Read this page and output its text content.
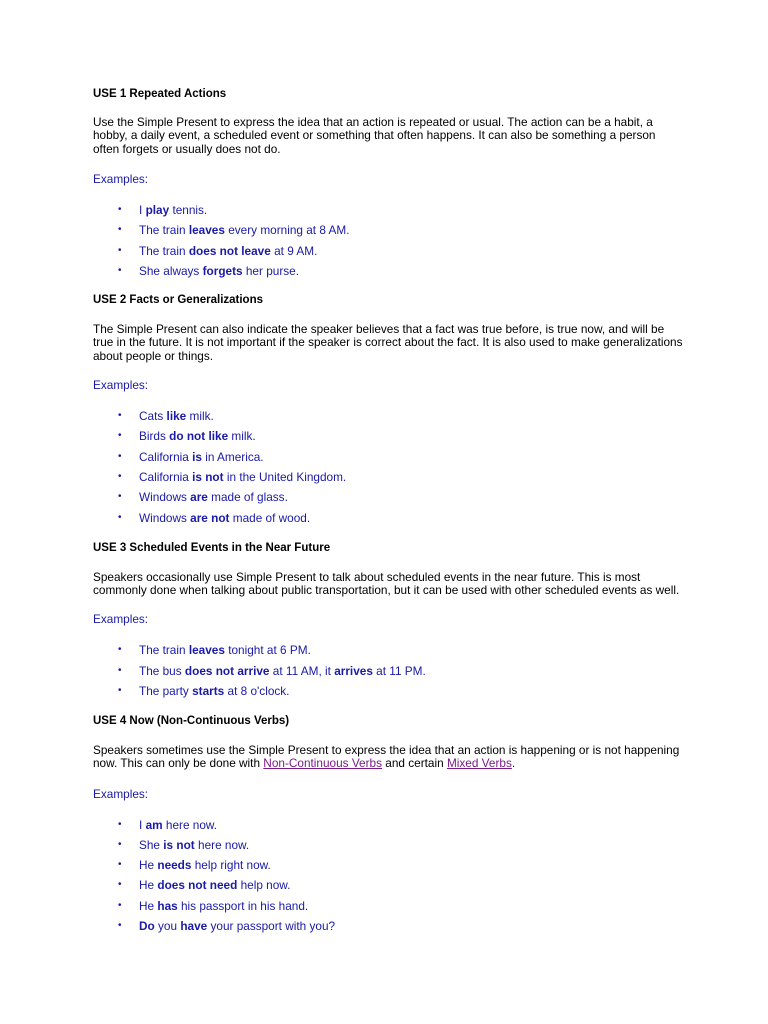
USE 1 Repeated Actions

Use the Simple Present to express the idea that an action is repeated or usual. The action can be a habit, a
hobby, a daily event, a scheduled event or something that often happens. It can also be something a person
often forgets or usually does not do.

Examples:

• I play tennis.
• The train leaves every morning at 8 AM.
• The train does not leave at 9 AM.
• She always forgets her purse.
USE 2 Facts or Generalizations

The Simple Present can also indicate the speaker believes that a fact was true before, is true now, and will be
true in the future. It is not important if the speaker is correct about the fact. It is also used to make generalizations
about people or things.

Examples:

• Cats like milk.
• Birds do not like milk.
• California is in America.
• California is not in the United Kingdom.
• Windows are made of glass.
• Windows are not made of wood.
USE 3 Scheduled Events in the Near Future

Speakers occasionally use Simple Present to talk about scheduled events in the near future. This is most
commonly done when talking about public transportation, but it can be used with other scheduled events as well.

Examples:

• The train leaves tonight at 6 PM.
• The bus does not arrive at 11 AM, it arrives at 11 PM.
• The party starts at 8 o'clock.
USE 4 Now (Non-Continuous Verbs)

Speakers sometimes use the Simple Present to express the idea that an action is happening or is not happening
now. This can only be done with Non-Continuous Verbs and certain Mixed Verbs.

Examples:

• I am here now.
• She is not here now.
• He needs help right now.
• He does not need help now.
• He has his passport in his hand.
• Do you have your passport with you?
